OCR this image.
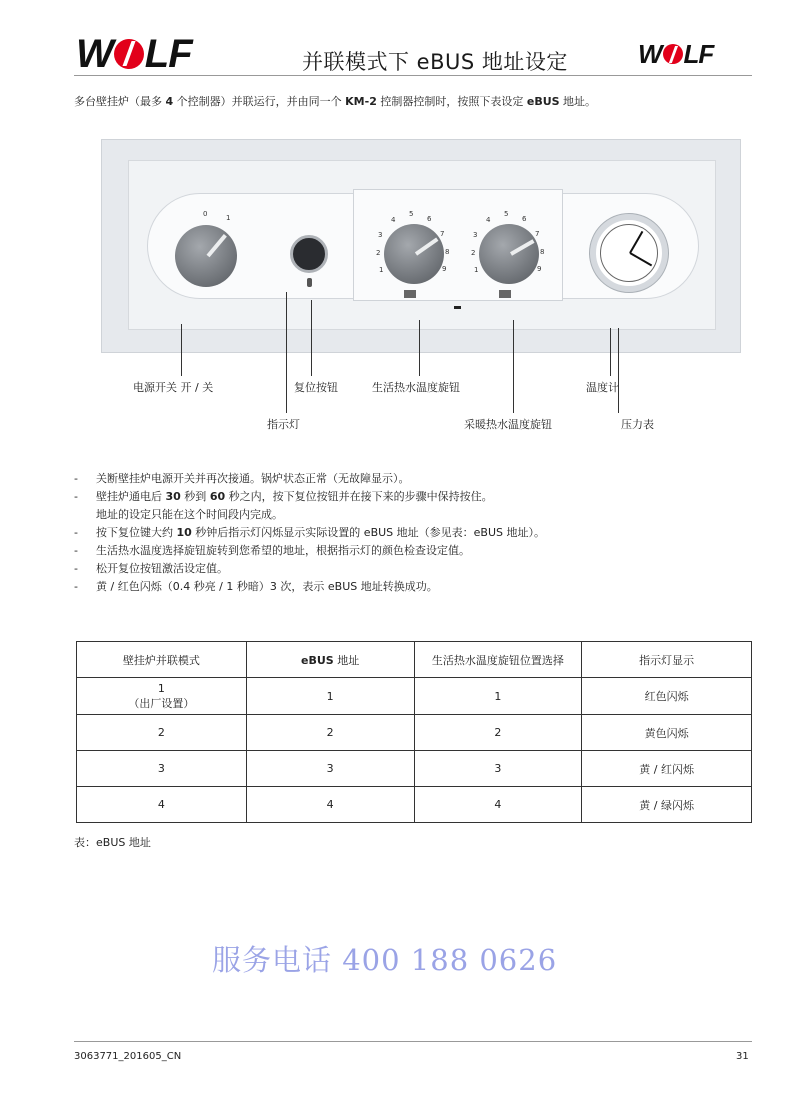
W LF	并联模式下 eBUS 地址设定	W LF
多台壁挂炉（最多 4 个控制器）并联运行，并由同一个 KM-2 控制器控制时，按照下表设定 eBUS 地址。
0	1
1
2
3
4
5
6
7
8
9	1
2
3
4
5
6
7
8
9
电源开关 开 / 关	复位按钮	生活热水温度旋钮	温度计
指示灯	采暖热水温度旋钮	压力表
- 关断壁挂炉电源开关并再次接通。锅炉状态正常（无故障显示）。
- 壁挂炉通电后 30 秒到 60 秒之内，按下复位按钮并在接下来的步骤中保持按住。
地址的设定只能在这个时间段内完成。
- 按下复位键大约 10 秒钟后指示灯闪烁显示实际设置的 eBUS 地址（参见表：eBUS 地址）。
- 生活热水温度选择旋钮旋转到您希望的地址，根据指示灯的颜色检查设定值。
- 松开复位按钮激活设定值。
- 黄 / 红色闪烁（0.4 秒亮 / 1 秒暗）3 次，表示 eBUS 地址转换成功。
壁挂炉并联模式	eBUS 地址	生活热水温度旋钮位置选择	指示灯显示

1
（出厂设置）	1	1	红色闪烁
2	2	2	黄色闪烁
3	3	3	黄 / 红闪烁
4	4	4	黄 / 绿闪烁
表：eBUS 地址
服务电话 400 188 0626
3063771_201605_CN	31
